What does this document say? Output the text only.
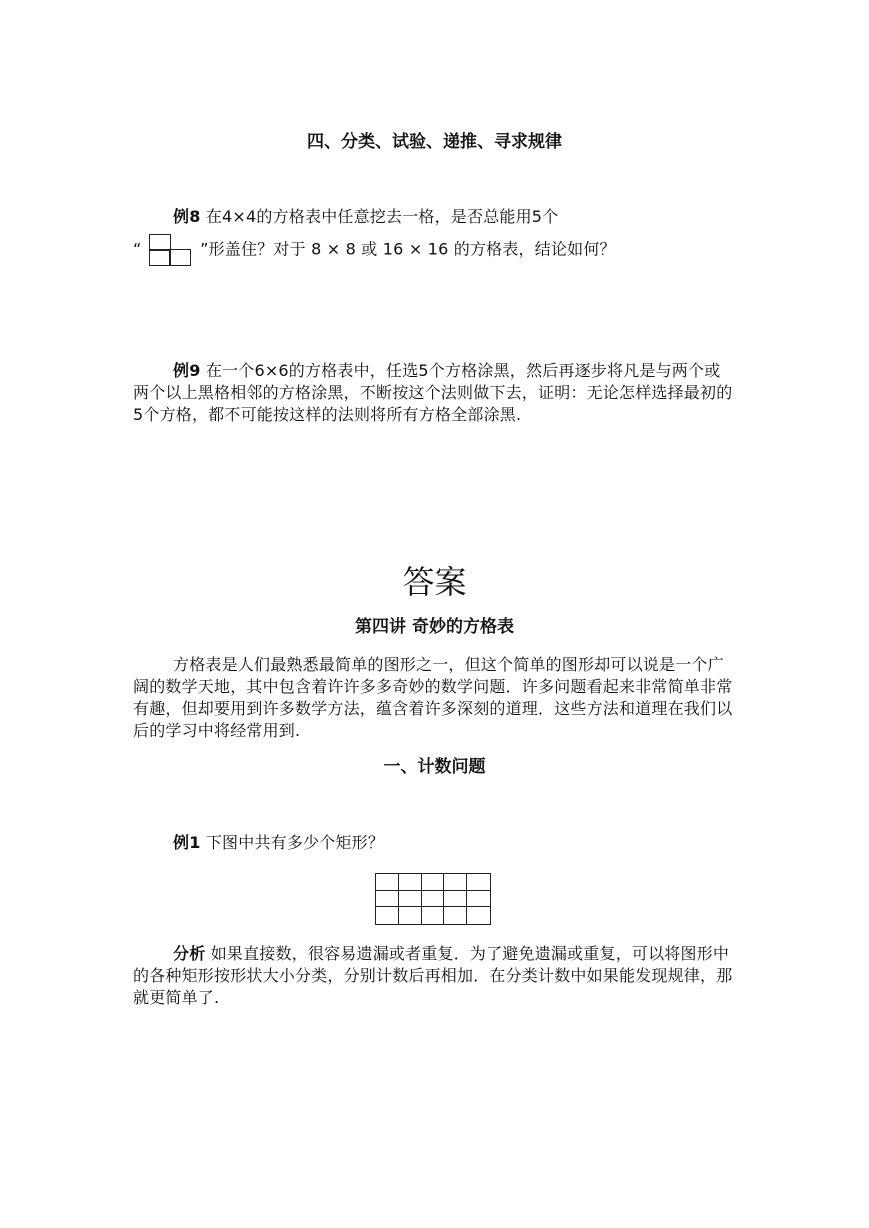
四、分类、试验、递推、寻求规律
例8 在4×4的方格表中任意挖去一格，是否总能用5个
“	”形盖住？对于 8 × 8 或 16 × 16 的方格表，结论如何？
例9 在一个6×6的方格表中，任选5个方格涂黑，然后再逐步将凡是与两个或两个以上黑格相邻的方格涂黑，不断按这个法则做下去，证明：无论怎样选择最初的5个方格，都不可能按这样的法则将所有方格全部涂黑.
答案
第四讲 奇妙的方格表
方格表是人们最熟悉最简单的图形之一，但这个简单的图形却可以说是一个广阔的数学天地，其中包含着许许多多奇妙的数学问题．许多问题看起来非常简单非常有趣，但却要用到许多数学方法，蕴含着许多深刻的道理．这些方法和道理在我们以后的学习中将经常用到.
一、计数问题
例1 下图中共有多少个矩形？
分析 如果直接数，很容易遗漏或者重复．为了避免遗漏或重复，可以将图形中的各种矩形按形状大小分类，分别计数后再相加．在分类计数中如果能发现规律，那就更简单了.
